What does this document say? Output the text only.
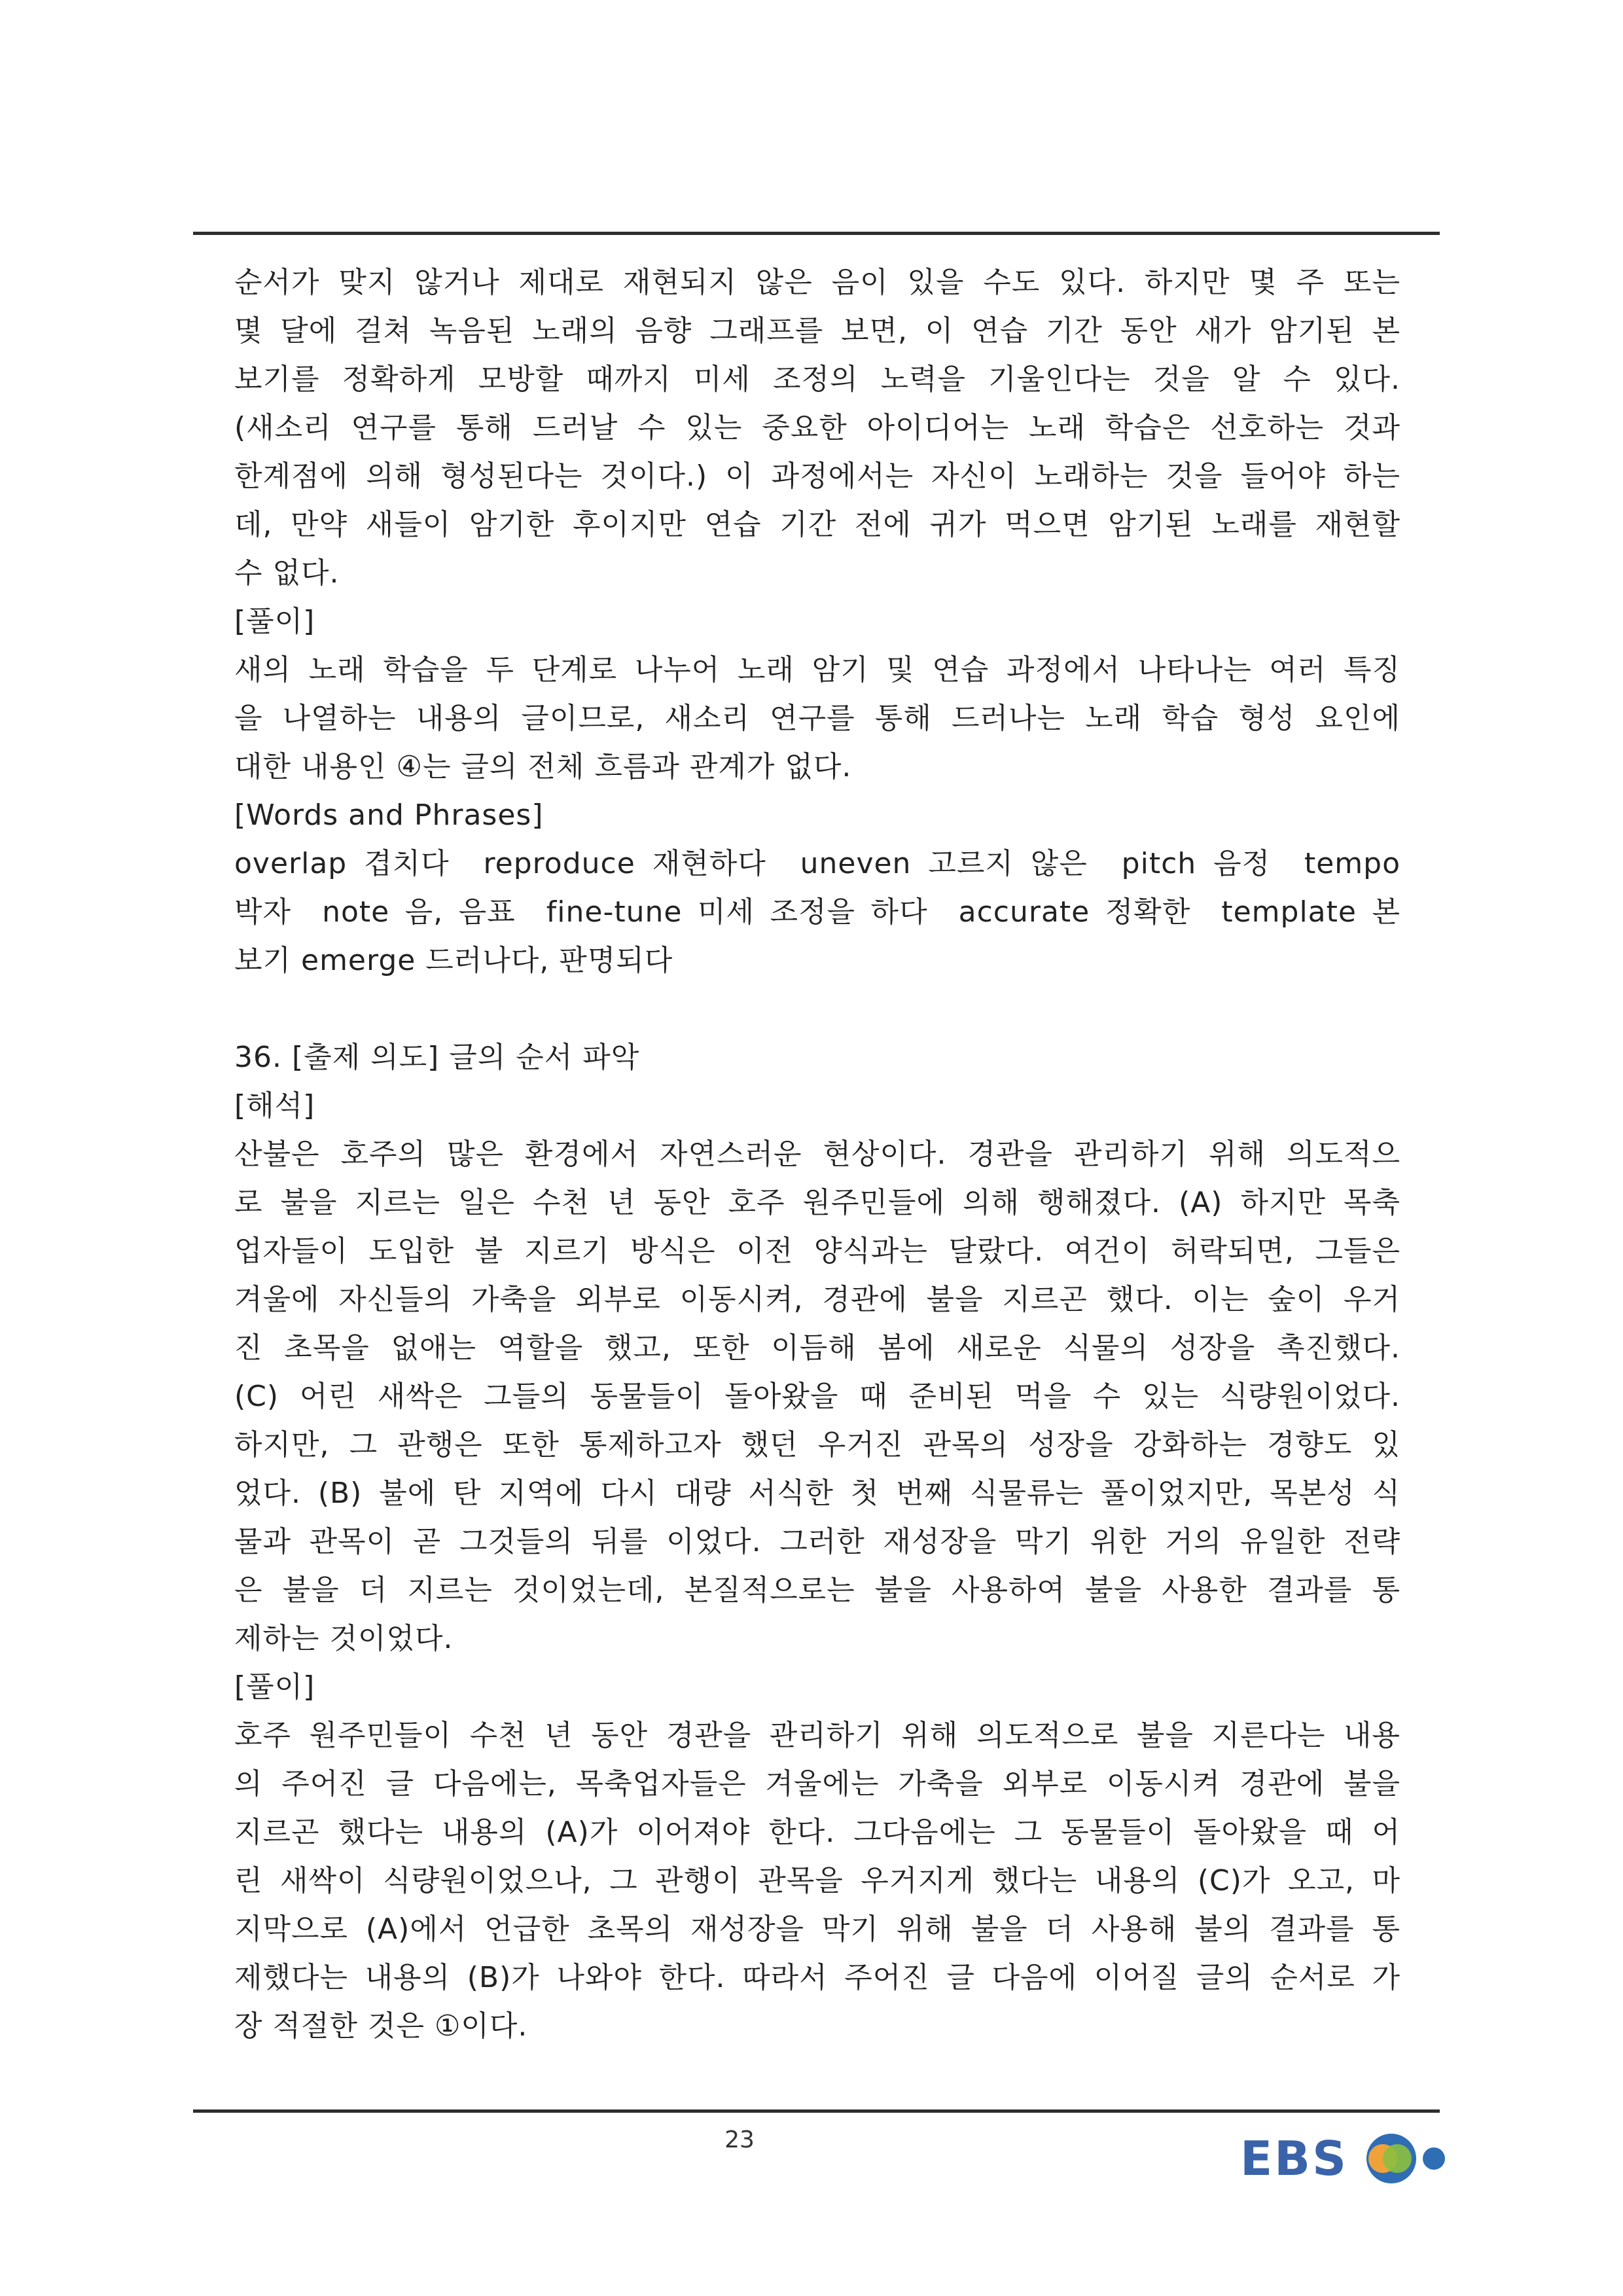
순서가 맞지 않거나 제대로 재현되지 않은 음이 있을 수도 있다. 하지만 몇 주 또는
몇 달에 걸쳐 녹음된 노래의 음향 그래프를 보면, 이 연습 기간 동안 새가 암기된 본
보기를 정확하게 모방할 때까지 미세 조정의 노력을 기울인다는 것을 알 수 있다.
(새소리 연구를 통해 드러날 수 있는 중요한 아이디어는 노래 학습은 선호하는 것과
한계점에 의해 형성된다는 것이다.) 이 과정에서는 자신이 노래하는 것을 들어야 하는
데, 만약 새들이 암기한 후이지만 연습 기간 전에 귀가 먹으면 암기된 노래를 재현할
수 없다.
[풀이]
새의 노래 학습을 두 단계로 나누어 노래 암기 및 연습 과정에서 나타나는 여러 특징
을 나열하는 내용의 글이므로, 새소리 연구를 통해 드러나는 노래 학습 형성 요인에
대한 내용인 ④는 글의 전체 흐름과 관계가 없다.
[Words and Phrases]
overlap 겹치다  reproduce 재현하다  uneven 고르지 않은  pitch 음정  tempo
박자  note 음, 음표  fine-tune 미세 조정을 하다  accurate 정확한  template 본
보기 emerge 드러나다, 판명되다
36. [출제 의도] 글의 순서 파악
[해석]
산불은 호주의 많은 환경에서 자연스러운 현상이다. 경관을 관리하기 위해 의도적으
로 불을 지르는 일은 수천 년 동안 호주 원주민들에 의해 행해졌다. (A) 하지만 목축
업자들이 도입한 불 지르기 방식은 이전 양식과는 달랐다. 여건이 허락되면, 그들은
겨울에 자신들의 가축을 외부로 이동시켜, 경관에 불을 지르곤 했다. 이는 숲이 우거
진 초목을 없애는 역할을 했고, 또한 이듬해 봄에 새로운 식물의 성장을 촉진했다.
(C) 어린 새싹은 그들의 동물들이 돌아왔을 때 준비된 먹을 수 있는 식량원이었다.
하지만, 그 관행은 또한 통제하고자 했던 우거진 관목의 성장을 강화하는 경향도 있
었다. (B) 불에 탄 지역에 다시 대량 서식한 첫 번째 식물류는 풀이었지만, 목본성 식
물과 관목이 곧 그것들의 뒤를 이었다. 그러한 재성장을 막기 위한 거의 유일한 전략
은 불을 더 지르는 것이었는데, 본질적으로는 불을 사용하여 불을 사용한 결과를 통
제하는 것이었다.
[풀이]
호주 원주민들이 수천 년 동안 경관을 관리하기 위해 의도적으로 불을 지른다는 내용
의 주어진 글 다음에는, 목축업자들은 겨울에는 가축을 외부로 이동시켜 경관에 불을
지르곤 했다는 내용의 (A)가 이어져야 한다. 그다음에는 그 동물들이 돌아왔을 때 어
린 새싹이 식량원이었으나, 그 관행이 관목을 우거지게 했다는 내용의 (C)가 오고, 마
지막으로 (A)에서 언급한 초목의 재성장을 막기 위해 불을 더 사용해 불의 결과를 통
제했다는 내용의 (B)가 나와야 한다. 따라서 주어진 글 다음에 이어질 글의 순서로 가
장 적절한 것은 ①이다.
23	EBS
